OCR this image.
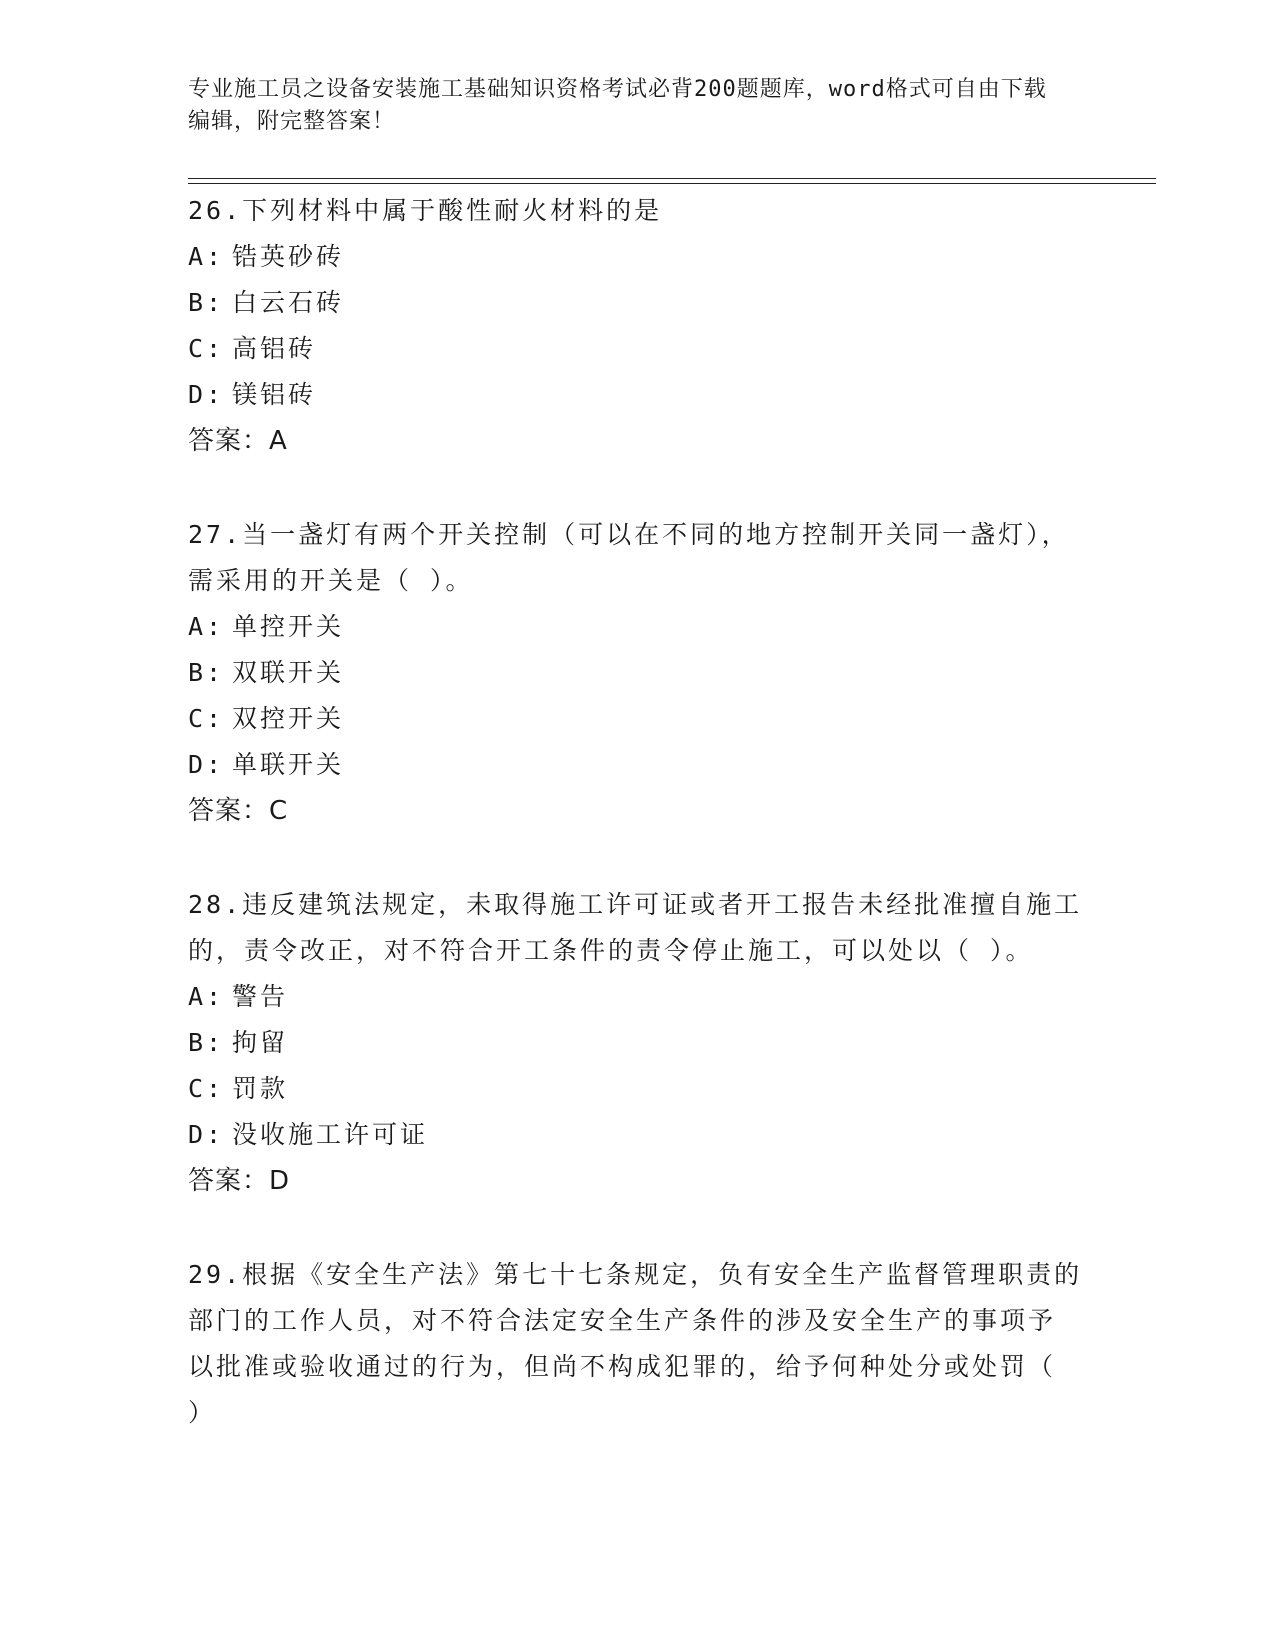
专业施工员之设备安装施工基础知识资格考试必背200题题库，word格式可自由下载编辑，附完整答案！
26.下列材料中属于酸性耐火材料的是
A: 锆英砂砖
B: 白云石砖
C: 高铝砖
D: 镁铝砖
答案：A
27.当一盏灯有两个开关控制（可以在不同的地方控制开关同一盏灯），需采用的开关是（ ）。
A: 单控开关
B: 双联开关
C: 双控开关
D: 单联开关
答案：C
28.违反建筑法规定，未取得施工许可证或者开工报告未经批准擅自施工的，责令改正，对不符合开工条件的责令停止施工，可以处以（ ）。
A: 警告
B: 拘留
C: 罚款
D: 没收施工许可证
答案：D
29.根据《安全生产法》第七十七条规定，负有安全生产监督管理职责的部门的工作人员，对不符合法定安全生产条件的涉及安全生产的事项予以批准或验收通过的行为，但尚不构成犯罪的，给予何种处分或处罚（ ）
